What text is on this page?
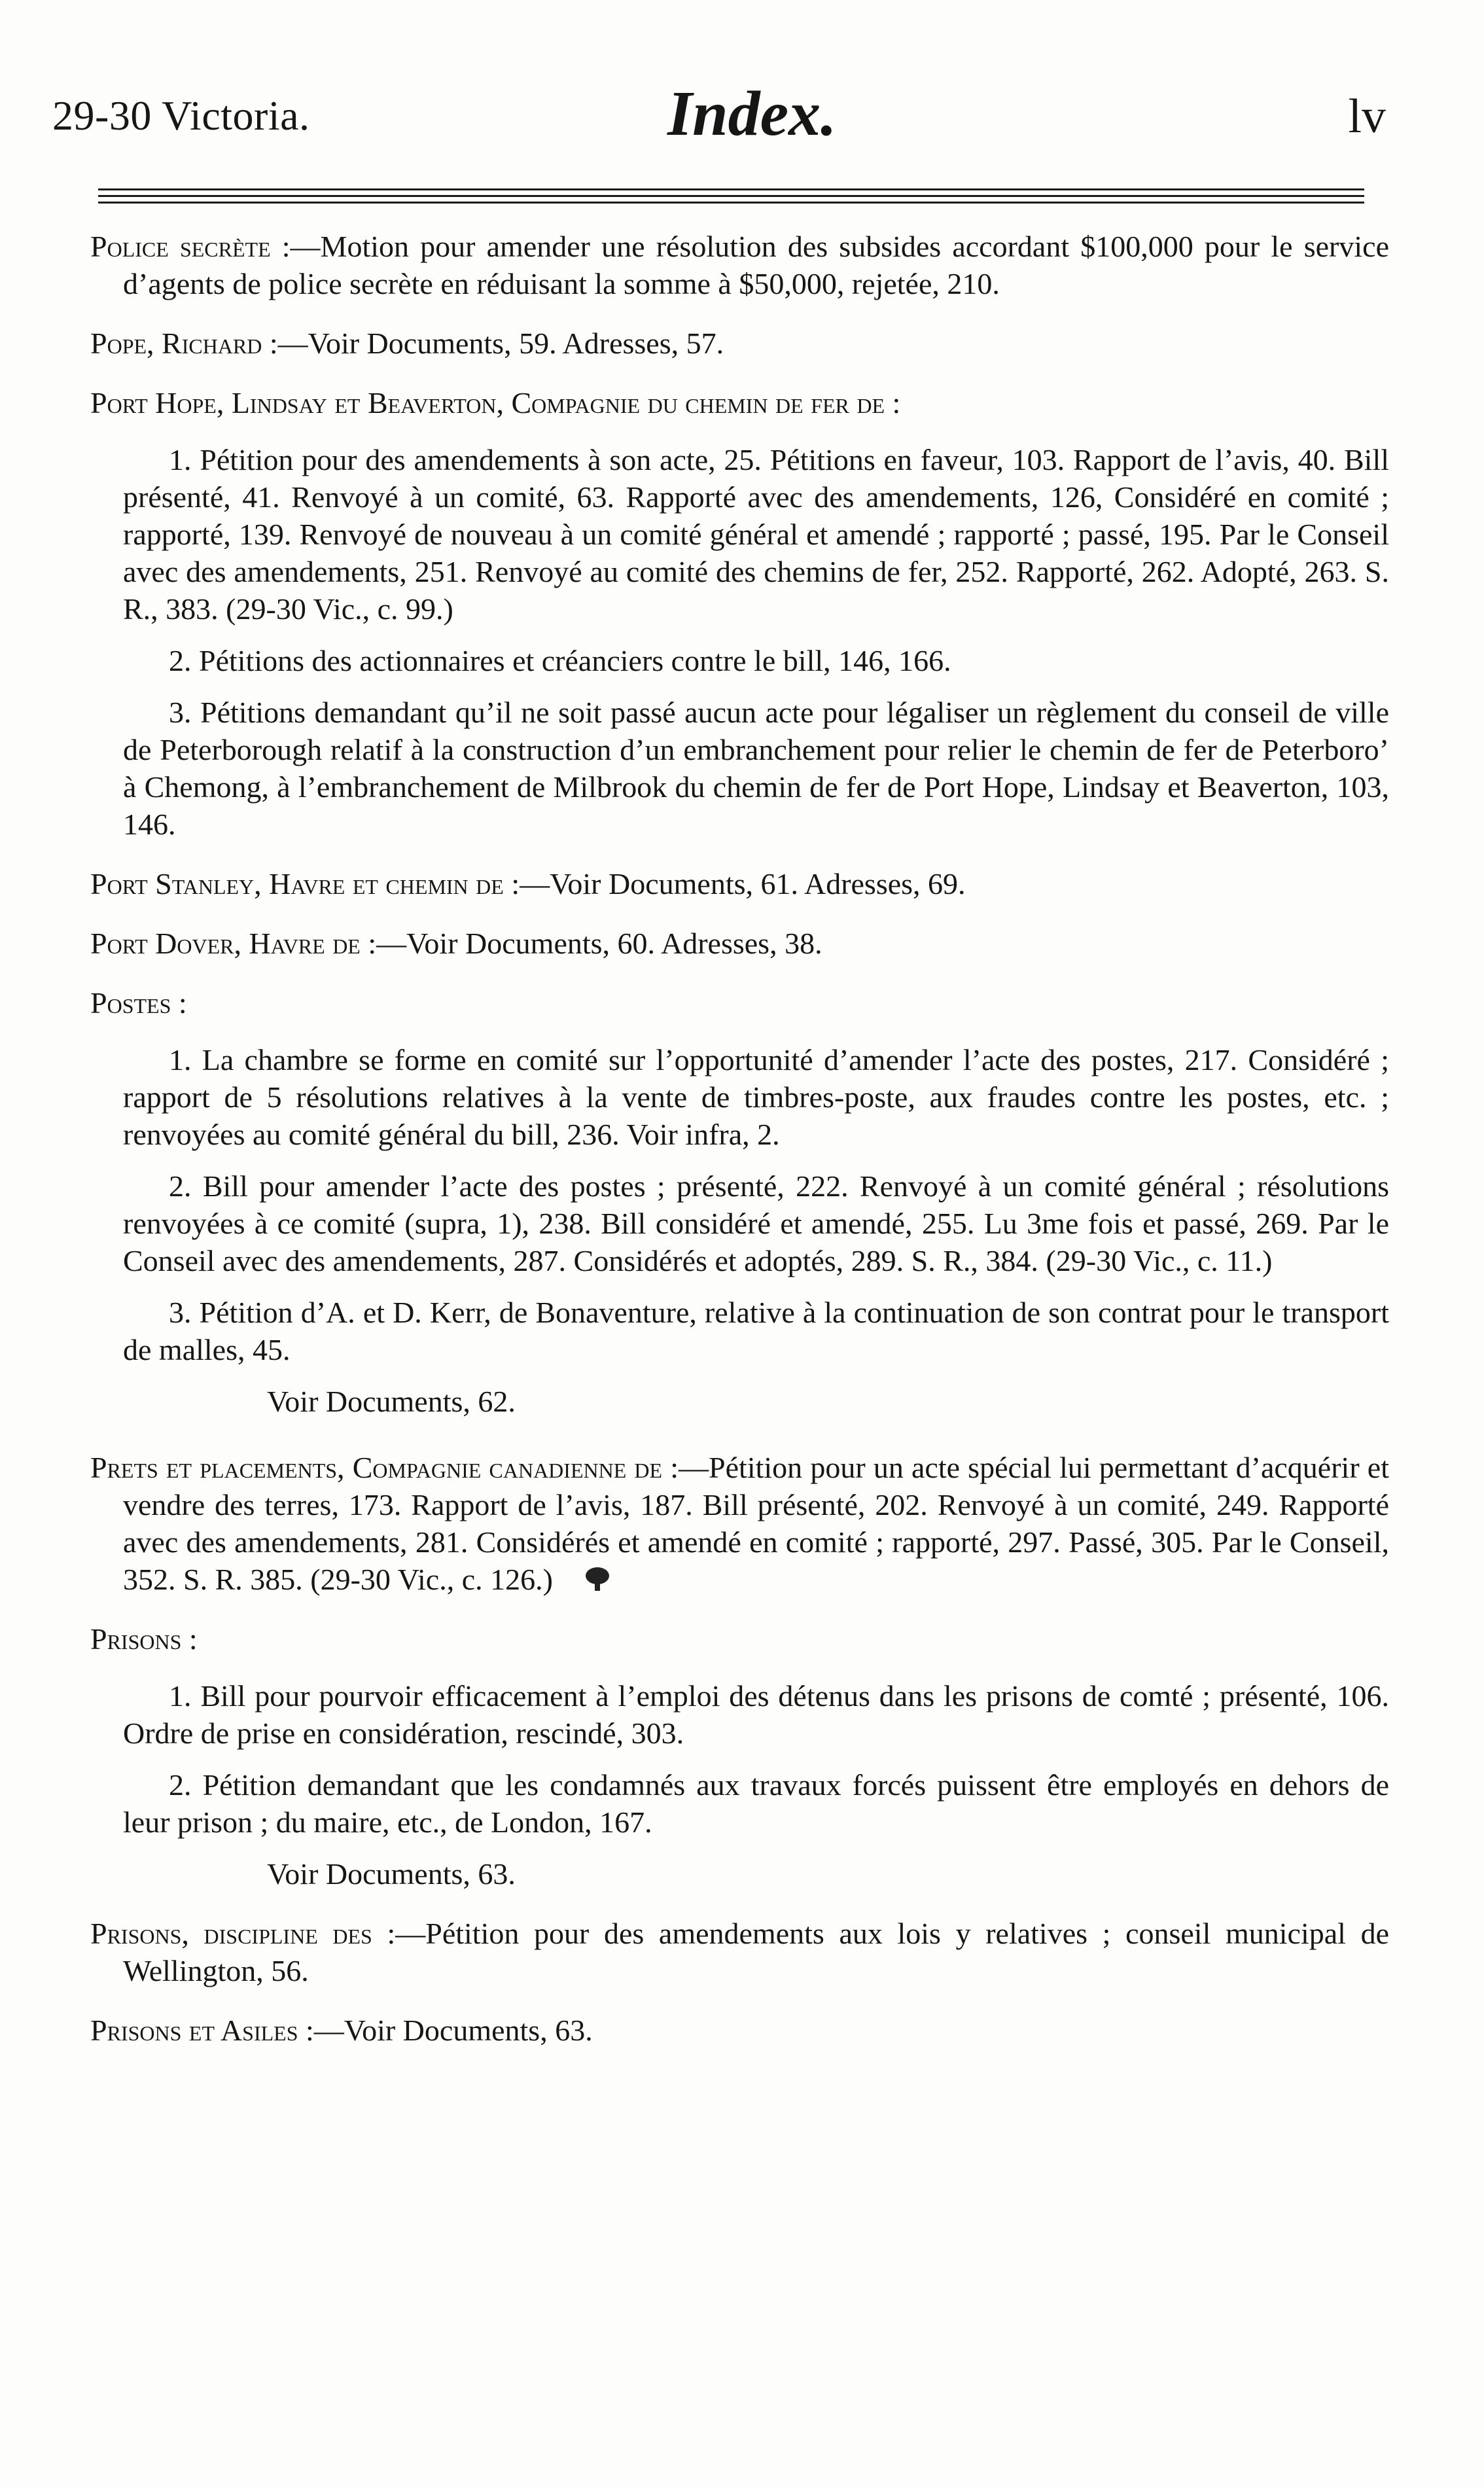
29-30 Victoria.	Index.	lv

Police secrète :—Motion pour amender une résolution des subsides accordant $100,000 pour le service d’agents de police secrète en réduisant la somme à $50,000, rejetée, 210.

Pope, Richard :—Voir Documents, 59. Adresses, 57.

Port Hope, Lindsay et Beaverton, Compagnie du chemin de fer de :

1. Pétition pour des amendements à son acte, 25. Pétitions en faveur, 103. Rapport de l’avis, 40. Bill présenté, 41. Renvoyé à un comité, 63. Rapporté avec des amendements, 126, Considéré en comité ; rapporté, 139. Renvoyé de nouveau à un comité général et amendé ; rapporté ; passé, 195. Par le Conseil avec des amendements, 251. Renvoyé au comité des chemins de fer, 252. Rapporté, 262. Adopté, 263. S. R., 383. (29-30 Vic., c. 99.)

2. Pétitions des actionnaires et créanciers contre le bill, 146, 166.

3. Pétitions demandant qu’il ne soit passé aucun acte pour légaliser un règlement du conseil de ville de Peterborough relatif à la construction d’un embranchement pour relier le chemin de fer de Peterboro’ à Chemong, à l’embranchement de Milbrook du chemin de fer de Port Hope, Lindsay et Beaverton, 103, 146.

Port Stanley, Havre et chemin de :—Voir Documents, 61. Adresses, 69.

Port Dover, Havre de :—Voir Documents, 60. Adresses, 38.

Postes :

1. La chambre se forme en comité sur l’opportunité d’amender l’acte des postes, 217. Considéré ; rapport de 5 résolutions relatives à la vente de timbres-poste, aux fraudes contre les postes, etc. ; renvoyées au comité général du bill, 236. Voir infra, 2.

2. Bill pour amender l’acte des postes ; présenté, 222. Renvoyé à un comité général ; résolutions renvoyées à ce comité (supra, 1), 238. Bill considéré et amendé, 255. Lu 3me fois et passé, 269. Par le Conseil avec des amendements, 287. Considérés et adoptés, 289. S. R., 384. (29-30 Vic., c. 11.)

3. Pétition d’A. et D. Kerr, de Bonaventure, relative à la continuation de son contrat pour le transport de malles, 45.

Voir Documents, 62.

Prets et placements, Compagnie canadienne de :—Pétition pour un acte spécial lui permettant d’acquérir et vendre des terres, 173. Rapport de l’avis, 187. Bill présenté, 202. Renvoyé à un comité, 249. Rapporté avec des amendements, 281. Considérés et amendé en comité ; rapporté, 297. Passé, 305. Par le Conseil, 352. S. R. 385. (29-30 Vic., c. 126.)

Prisons :

1. Bill pour pourvoir efficacement à l’emploi des détenus dans les prisons de comté ; présenté, 106. Ordre de prise en considération, rescindé, 303.

2. Pétition demandant que les condamnés aux travaux forcés puissent être employés en dehors de leur prison ; du maire, etc., de London, 167.

Voir Documents, 63.

Prisons, discipline des :—Pétition pour des amendements aux lois y relatives ; conseil municipal de Wellington, 56.

Prisons et Asiles :—Voir Documents, 63.
